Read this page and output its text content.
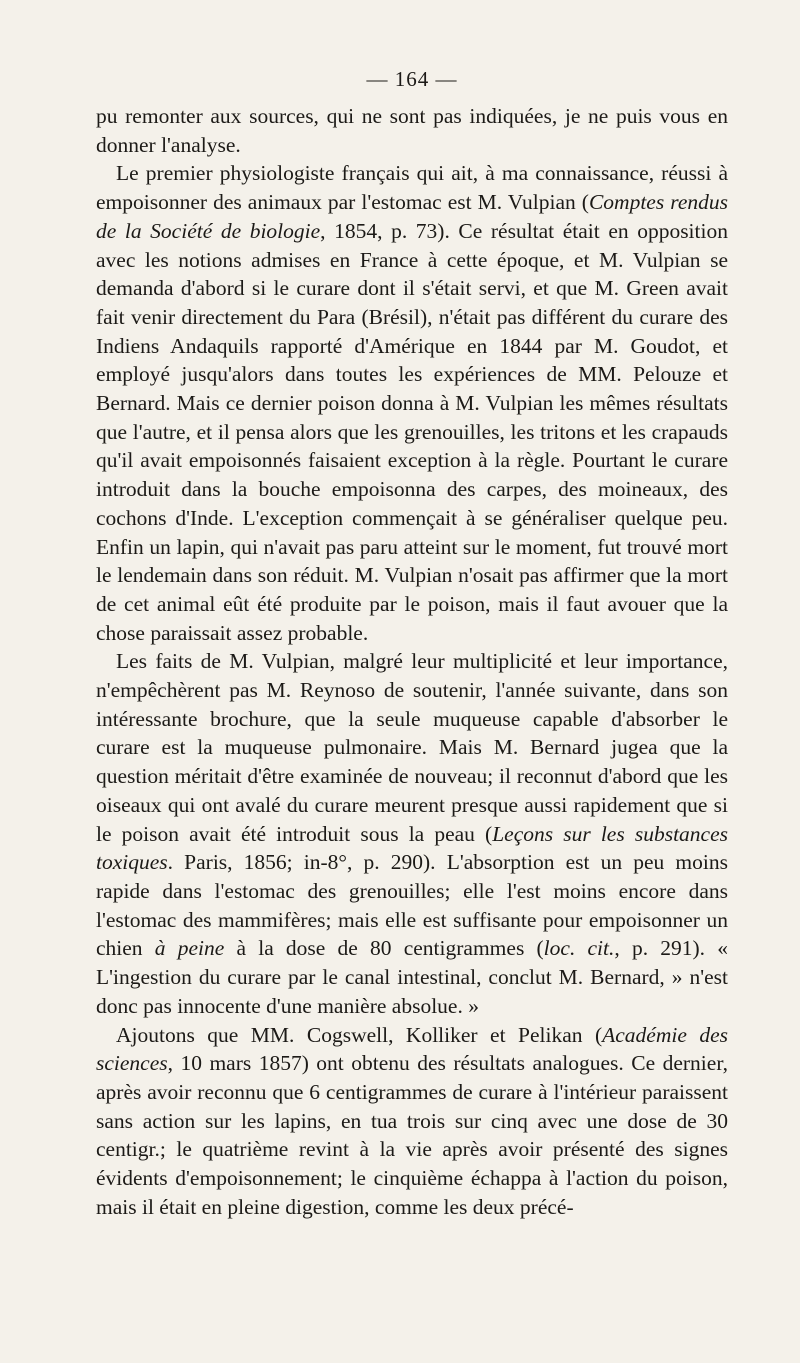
— 164 —

pu remonter aux sources, qui ne sont pas indiquées, je ne puis vous en donner l'analyse.

Le premier physiologiste français qui ait, à ma connaissance, réussi à empoisonner des animaux par l'estomac est M. Vulpian (Comptes rendus de la Société de biologie, 1854, p. 73). Ce résultat était en opposition avec les notions admises en France à cette époque, et M. Vulpian se demanda d'abord si le curare dont il s'était servi, et que M. Green avait fait venir directement du Para (Brésil), n'était pas différent du curare des Indiens Andaquils rapporté d'Amérique en 1844 par M. Goudot, et employé jusqu'alors dans toutes les expériences de MM. Pelouze et Bernard. Mais ce dernier poison donna à M. Vulpian les mêmes résultats que l'autre, et il pensa alors que les grenouilles, les tritons et les crapauds qu'il avait empoisonnés faisaient exception à la règle. Pourtant le curare introduit dans la bouche empoisonna des carpes, des moineaux, des cochons d'Inde. L'exception commençait à se généraliser quelque peu. Enfin un lapin, qui n'avait pas paru atteint sur le moment, fut trouvé mort le lendemain dans son réduit. M. Vulpian n'osait pas affirmer que la mort de cet animal eût été produite par le poison, mais il faut avouer que la chose paraissait assez probable.

Les faits de M. Vulpian, malgré leur multiplicité et leur importance, n'empêchèrent pas M. Reynoso de soutenir, l'année suivante, dans son intéressante brochure, que la seule muqueuse capable d'absorber le curare est la muqueuse pulmonaire. Mais M. Bernard jugea que la question méritait d'être examinée de nouveau; il reconnut d'abord que les oiseaux qui ont avalé du curare meurent presque aussi rapidement que si le poison avait été introduit sous la peau (Leçons sur les substances toxiques. Paris, 1856; in-8°, p. 290). L'absorption est un peu moins rapide dans l'estomac des grenouilles; elle l'est moins encore dans l'estomac des mammifères; mais elle est suffisante pour empoisonner un chien à peine à la dose de 80 centigrammes (loc. cit., p. 291). « L'ingestion du curare par le canal intestinal, conclut M. Bernard, » n'est donc pas innocente d'une manière absolue. »

Ajoutons que MM. Cogswell, Kolliker et Pelikan (Académie des sciences, 10 mars 1857) ont obtenu des résultats analogues. Ce dernier, après avoir reconnu que 6 centigrammes de curare à l'intérieur paraissent sans action sur les lapins, en tua trois sur cinq avec une dose de 30 centigr.; le quatrième revint à la vie après avoir présenté des signes évidents d'empoisonnement; le cinquième échappa à l'action du poison, mais il était en pleine digestion, comme les deux précé-
